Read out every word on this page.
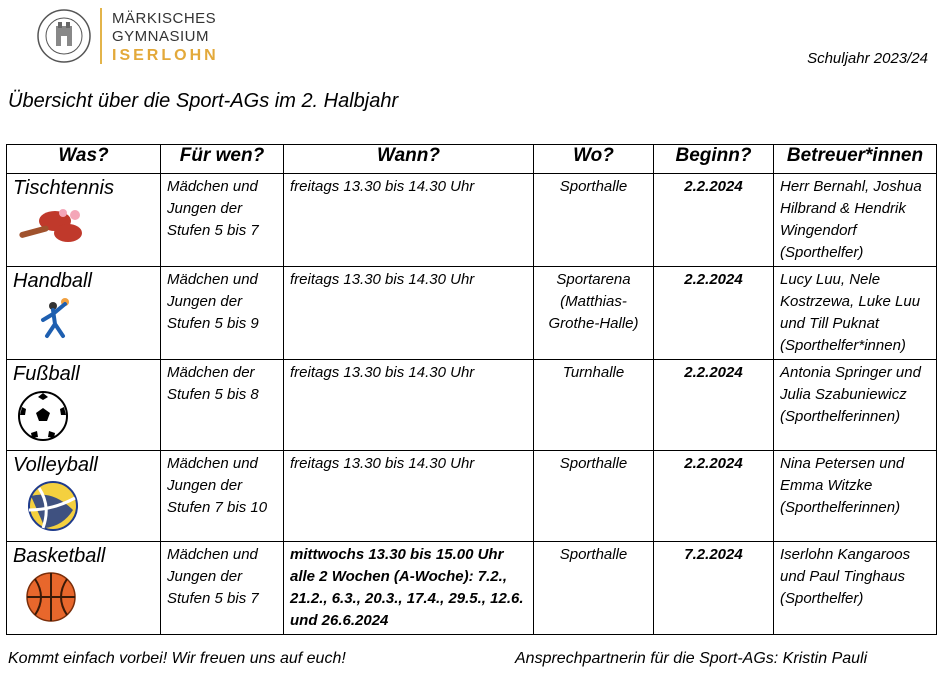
MÄRKISCHES
GYMNASIUM
ISERLOHN	Schuljahr 2023/24
Übersicht über die Sport-AGs im 2. Halbjahr
Was?	Für wen?	Wann?	Wo?	Beginn?	Betreuer*innen

Tischtennis	Mädchen und Jungen der Stufen 5 bis 7	freitags 13.30 bis 14.30 Uhr	Sporthalle	2.2.2024	Herr Bernahl, Joshua Hilbrand & Hendrik Wingendorf (Sporthelfer)

Handball	Mädchen und Jungen der Stufen 5 bis 9	freitags 13.30 bis 14.30 Uhr	Sportarena (Matthias-Grothe-Halle)	2.2.2024	Lucy Luu, Nele Kostrzewa, Luke Luu und Till Puknat (Sporthelfer*innen)

Fußball	Mädchen der Stufen 5 bis 8	freitags 13.30 bis 14.30 Uhr	Turnhalle	2.2.2024	Antonia Springer und Julia Szabuniewicz (Sporthelferinnen)

Volleyball	Mädchen und Jungen der Stufen 7 bis 10	freitags 13.30 bis 14.30 Uhr	Sporthalle	2.2.2024	Nina Petersen und Emma Witzke (Sporthelferinnen)

Basketball	Mädchen und Jungen der Stufen 5 bis 7	mittwochs 13.30 bis 15.00 Uhr alle 2 Wochen (A-Woche): 7.2., 21.2., 6.3., 20.3., 17.4., 29.5., 12.6. und 26.6.2024	Sporthalle	7.2.2024	Iserlohn Kangaroos und Paul Tinghaus (Sporthelfer)
Kommt einfach vorbei! Wir freuen uns auf euch!	Ansprechpartnerin für die Sport-AGs: Kristin Pauli
